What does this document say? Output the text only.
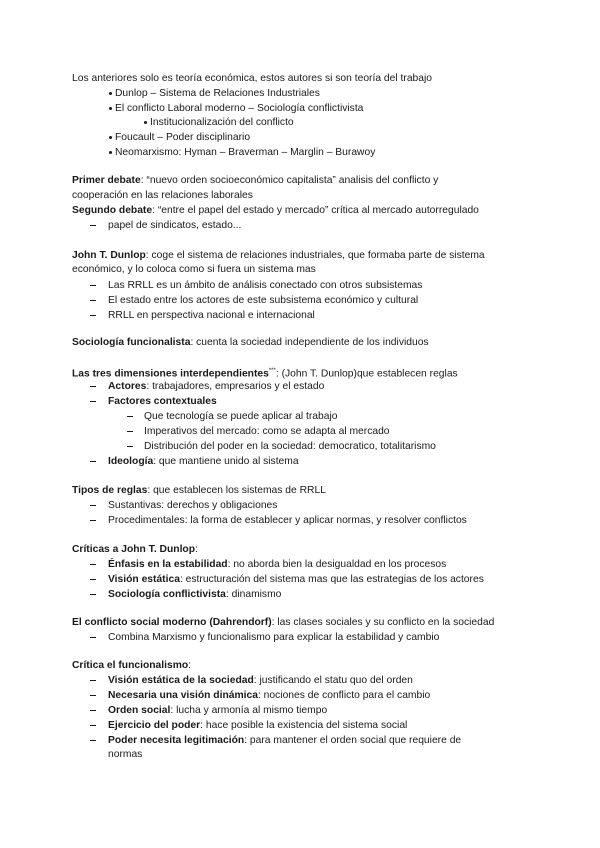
Los anteriores solo es teoría económica, estos autores si son teoría del trabajo
Dunlop – Sistema de Relaciones Industriales
El conflicto Laboral moderno – Sociología conflictivista
Institucionalización del conflicto
Foucault – Poder disciplinario
Neomarxismo: Hyman – Braverman – Marglin – Burawoy
Primer debate: “nuevo orden socioeconómico capitalista” analisis del conflicto y
cooperación en las relaciones laborales
Segundo debate: “entre el papel del estado y mercado” crítica al mercado autorregulado
papel de sindicatos, estado...
John T. Dunlop: coge el sistema de relaciones industriales, que formaba parte de sistema
económico, y lo coloca como si fuera un sistema mas
Las RRLL es un ámbito de análisis conectado con otros subsistemas
El estado entre los actores de este subsistema económico y cultural
RRLL en perspectiva nacional e internacional
Sociología funcionalista: cuenta la sociedad independiente de los individuos
Las tres dimensiones interdependientes***: (John T. Dunlop)que establecen reglas
Actores: trabajadores, empresarios y el estado
Factores contextuales
Que tecnología se puede aplicar al trabajo
Imperativos del mercado: como se adapta al mercado
Distribución del poder en la sociedad: democratico, totalitarismo
Ideología: que mantiene unido al sistema
Tipos de reglas: que establecen los sistemas de RRLL
Sustantivas: derechos y obligaciones
Procedimentales: la forma de establecer y aplicar normas, y resolver conflictos
Críticas a John T. Dunlop:
Énfasis en la estabilidad: no aborda bien la desigualdad en los procesos
Visión estática: estructuración del sistema mas que las estrategias de los actores
Sociología conflictivista: dinamismo
El conflicto social moderno (Dahrendorf): las clases sociales y su conflicto en la sociedad
Combina Marxismo y funcionalismo para explicar la estabilidad y cambio
Crítica el funcionalismo:
Visión estática de la sociedad: justificando el statu quo del orden
Necesaria una visión dinámica: nociones de conflicto para el cambio
Orden social: lucha y armonía al mismo tiempo
Ejercicio del poder: hace posible la existencia del sistema social
Poder necesita legitimación: para mantener el orden social que requiere de
normas
